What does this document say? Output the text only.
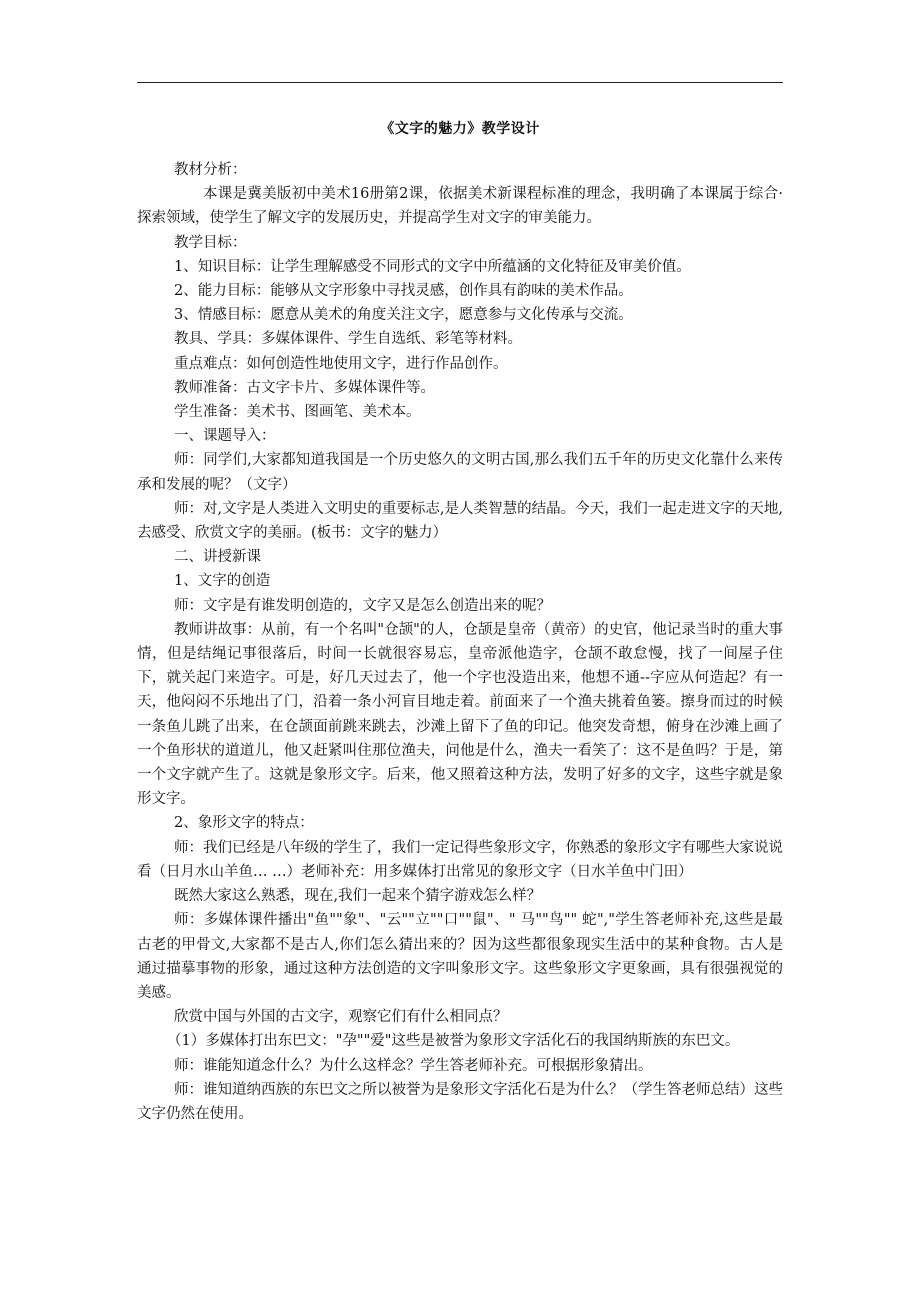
《文字的魅力》教学设计

教材分析：

本课是冀美版初中美术16册第2课，依据美术新课程标准的理念，我明确了本课属于综合·探索领域，使学生了解文字的发展历史，并提高学生对文字的审美能力。

教学目标：

1、知识目标：让学生理解感受不同形式的文字中所蕴涵的文化特征及审美价值。

2、能力目标：能够从文字形象中寻找灵感，创作具有韵味的美术作品。

3、情感目标：愿意从美术的角度关注文字，愿意参与文化传承与交流。

教具、学具：多媒体课件、学生自选纸、彩笔等材料。

重点难点：如何创造性地使用文字，进行作品创作。

教师准备：古文字卡片、多媒体课件等。

学生准备：美术书、图画笔、美术本。

一、课题导入：

师：同学们,大家都知道我国是一个历史悠久的文明古国,那么我们五千年的历史文化靠什么来传承和发展的呢？（文字）

师：对,文字是人类进入文明史的重要标志,是人类智慧的结晶。今天，我们一起走进文字的天地,去感受、欣赏文字的美丽。(板书：文字的魅力）

二、讲授新课

1、文字的创造

师：文字是有谁发明创造的，文字又是怎么创造出来的呢？

教师讲故事：从前，有一个名叫"仓颉"的人，仓颉是皇帝（黄帝）的史官，他记录当时的重大事情，但是结绳记事很落后，时间一长就很容易忘，皇帝派他造字，仓颉不敢怠慢，找了一间屋子住下，就关起门来造字。可是，好几天过去了，他一个字也没造出来，他想不通--字应从何造起？有一天，他闷闷不乐地出了门，沿着一条小河盲目地走着。前面来了一个渔夫挑着鱼篓。擦身而过的时候一条鱼儿跳了出来，在仓颉面前跳来跳去，沙滩上留下了鱼的印记。他突发奇想，俯身在沙滩上画了一个鱼形状的道道儿，他又赶紧叫住那位渔夫，问他是什么，渔夫一看笑了：这不是鱼吗？于是，第一个文字就产生了。这就是象形文字。后来，他又照着这种方法，发明了好多的文字，这些字就是象形文字。

2、象形文字的特点：

师：我们已经是八年级的学生了，我们一定记得些象形文字，你熟悉的象形文字有哪些大家说说看（日月水山羊鱼… …）老师补充：用多媒体打出常见的象形文字（日水羊鱼中门田）

既然大家这么熟悉，现在,我们一起来个猜字游戏怎么样？

师：多媒体课件播出"鱼""象"、"云""立""口""鼠"、" 马""鸟"" 蛇","学生答老师补充,这些是最古老的甲骨文,大家都不是古人,你们怎么猜出来的？因为这些都很象现实生活中的某种食物。古人是通过描摹事物的形象，通过这种方法创造的文字叫象形文字。这些象形文字更象画，具有很强视觉的美感。

欣赏中国与外国的古文字，观察它们有什么相同点？

（1）多媒体打出东巴文："孕""爱"这些是被誉为象形文字活化石的我国纳斯族的东巴文。

师：谁能知道念什么？为什么这样念？学生答老师补充。可根据形象猜出。

师：谁知道纳西族的东巴文之所以被誉为是象形文字活化石是为什么？（学生答老师总结）这些文字仍然在使用。
